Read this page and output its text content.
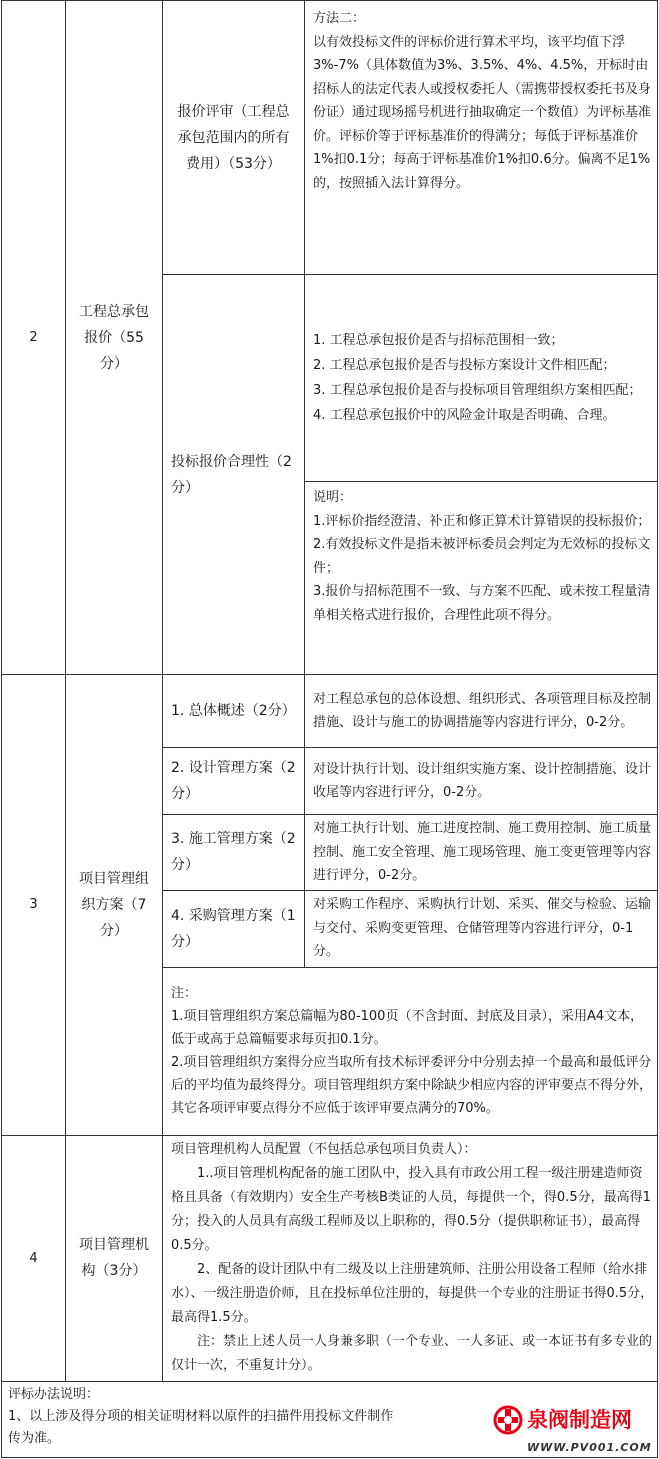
2	工程总承包报价（55分）	报价评审（工程总承包范围内的所有费用）（53分）	方法二：

以有效投标文件的评标价进行算术平均，该平均值下浮3%-7%（具体数值为3%、3.5%、4%、4.5%，开标时由招标人的法定代表人或授权委托人（需携带授权委托书及身份证）通过现场摇号机进行抽取确定一个数值）为评标基准价。评标价等于评标基准价的得满分；每低于评标基准价1%扣0.1分；每高于评标基准价1%扣0.6分。偏离不足1%的，按照插入法计算得分。

		投标报价合理性（2分）	1. 工程总承包报价是否与招标范围相一致；

2. 工程总承包报价是否与投标方案设计文件相匹配；

3. 工程总承包报价是否与投标项目管理组织方案相匹配；

4. 工程总承包报价中的风险金计取是否明确、合理。

			说明：

1.评标价指经澄清、补正和修正算术计算错误的投标报价；

2.有效投标文件是指未被评标委员会判定为无效标的投标文件；

3.报价与招标范围不一致、与方案不匹配、或未按工程量清单相关格式进行报价，合理性此项不得分。

3	项目管理组织方案（7分）	1. 总体概述（2分）	对工程总承包的总体设想、组织形式、各项管理目标及控制措施、设计与施工的协调措施等内容进行评分，0-2分。
		2. 设计管理方案（2分）	对设计执行计划、设计组织实施方案、设计控制措施、设计收尾等内容进行评分，0-2分。
		3. 施工管理方案（2分）	对施工执行计划、施工进度控制、施工费用控制、施工质量控制、施工安全管理、施工现场管理、施工变更管理等内容进行评分，0-2分。
		4. 采购管理方案（1分）	对采购工作程序、采购执行计划、采买、催交与检验、运输与交付、采购变更管理、仓储管理等内容进行评分，0-1分。

		注：

1.项目管理组织方案总篇幅为80-100页（不含封面、封底及目录），采用A4文本，低于或高于总篇幅要求每页扣0.1分。

2.项目管理组织方案得分应当取所有技术标评委评分中分别去掉一个最高和最低评分后的平均值为最终得分。项目管理组织方案中除缺少相应内容的评审要点不得分外，其它各项评审要点得分不应低于该评审要点满分的70%。	

4	项目管理机构（3分）	项目管理机构人员配置（不包括总承包项目负责人）：

1..项目管理机构配备的施工团队中，投入具有市政公用工程一级注册建造师资格且具备（有效期内）安全生产考核B类证的人员，每提供一个，得0.5分，最高得1分；投入的人员具有高级工程师及以上职称的，得0.5分（提供职称证书），最高得0.5分。

2、配备的设计团队中有二级及以上注册建筑师、注册公用设备工程师（给水排水）、一级注册造价师，且在投标单位注册的，每提供一个专业的注册证书得0.5分，最高得1.5分。

注：禁止上述人员一人身兼多职（一个专业、一人多证、或一本证书有多专业的仅计一次，不重复计分）。	

评标办法说明：

1、以上涉及得分项的相关证明材料以原件的扫描件用投标文件制作

传为准。

泉阀制造网
WWW.PV001.COM			
